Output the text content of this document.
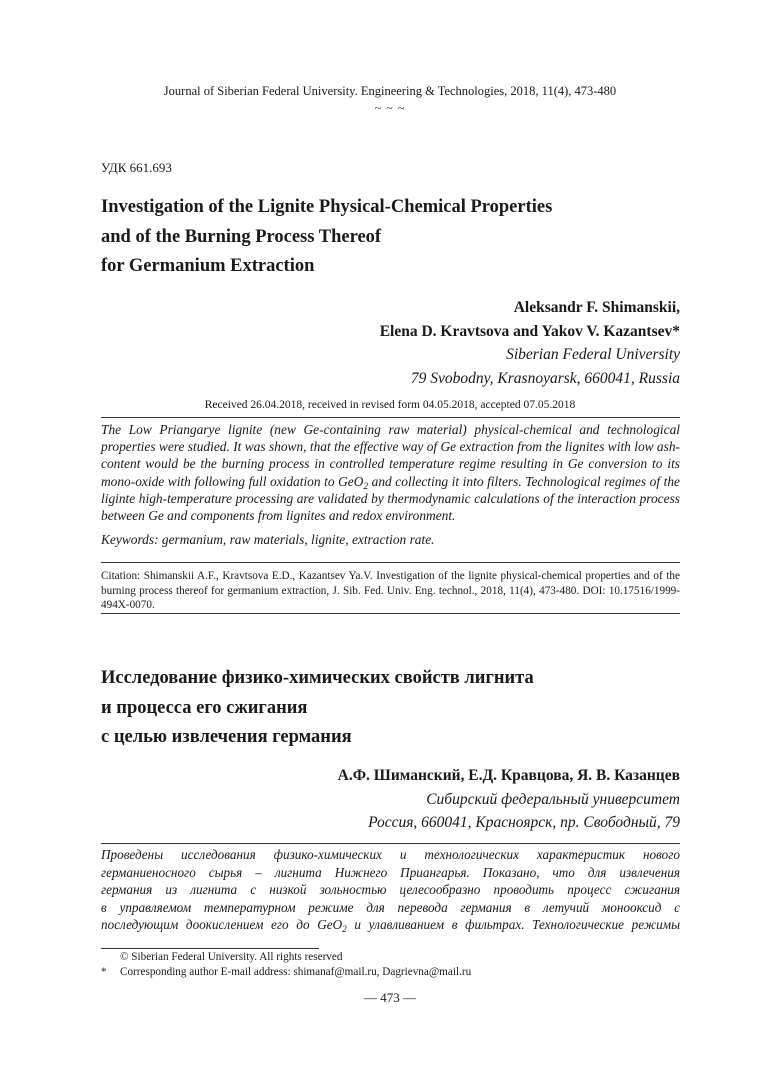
Journal of Siberian Federal University. Engineering & Technologies, 2018, 11(4), 473-480
~ ~ ~
УДК 661.693
Investigation of the Lignite Physical-Chemical Properties
and of the Burning Process Thereof
for Germanium Extraction
Aleksandr F. Shimanskii,
Elena D. Kravtsova and Yakov V. Kazantsev*
Siberian Federal University
79 Svobodny, Krasnoyarsk, 660041, Russia
Received 26.04.2018, received in revised form 04.05.2018, accepted 07.05.2018
The Low Priangarye lignite (new Ge-containing raw material) physical-chemical and technological properties were studied. It was shown, that the effective way of Ge extraction from the lignites with low ash-content would be the burning process in controlled temperature regime resulting in Ge conversion to its mono-oxide with following full oxidation to GeO$_2$ and collecting it into filters. Technological regimes of the liginte high-temperature processing are validated by thermodynamic calculations of the interaction process between Ge and components from lignites and redox environment.
Keywords: germanium, raw materials, lignite, extraction rate.
Citation: Shimanskii A.F., Kravtsova E.D., Kazantsev Ya.V. Investigation of the lignite physical-chemical properties and of the burning process thereof for germanium extraction, J. Sib. Fed. Univ. Eng. technol., 2018, 11(4), 473-480. DOI: 10.17516/1999-494X-0070.
Исследование физико-химических свойств лигнита
и процесса его сжигания
с целью извлечения германия
А.Ф. Шиманский, Е.Д. Кравцова, Я. В. Казанцев
Сибирский федеральный университет
Россия, 660041, Красноярск, пр. Свободный, 79
Проведены исследования физико-химических и технологических характеристик нового
германиеносного сырья – лигнита Нижнего Приангарья. Показано, что для извлечения
германия из лигнита с низкой зольностью целесообразно проводить процесс сжигания
в управляемом температурном режиме для перевода германия в летучий монооксид с
последующим доокислением его до GeO$_2$ и улавливанием в фильтрах. Технологические режимы
© Siberian Federal University. All rights reserved
* Corresponding author E-mail address: shimanaf@mail.ru, Dagrievna@mail.ru
— 473 —
